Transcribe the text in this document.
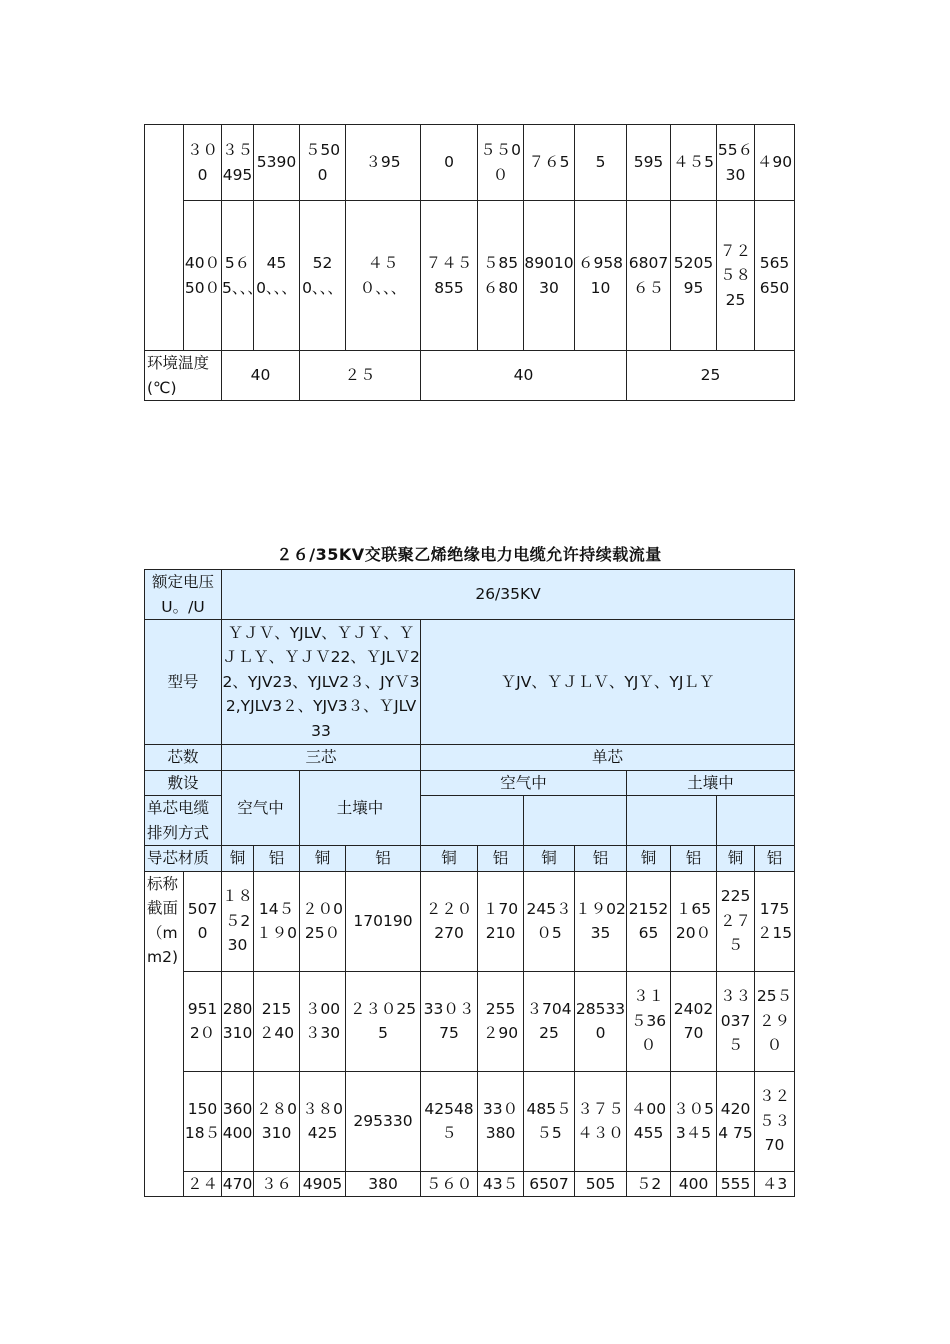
	３０0	３５495	5390	５500	３95	0	５５0０	７６5	5	595	４５5	55６30	４90
	40０50０	5６5、、、	450、、、	520、、、	４５０、、、	７４５855	５85６80	8901030	６95810	6807６５	520595	７２５８25	565650
环境温度(℃)		40		２５		40				25			
２６/35KV交联聚乙烯绝缘电力电缆允许持续载流量
额定电压U。/U		26/35KV											
型号		ＹＪＶ、YJLV、ＹＪＹ、ＹＪＬＹ、ＹＪＶ22、ＹJLＶ22、YJV23、YJLV2３、JYＶ32,YJLV3２、YJV3３、ＹJLV33				ＹJV、ＹＪＬＶ、YJＹ、YJＬＹ							
芯数		三芯				单芯							
敷设		空气中		土壤中		空气中				土壤中			
单芯电缆排列方式													
导芯材质		铜	铝	铜	铝	铜	铝	铜	铝	铜	铝	铜	铝
标称截面（mm2)	5070	１８５230	14５１９0	２０025０	170190	２２０270	１70210	245３０5	１９0235	215265	１6520０	225２７５	175２15
	9512０	280310	215２40	３00３30	２３０255	33０３75	255２90	３70425	285330	３１５36０	240270	３３037５	25５２９０
	15018５	360400	２８0310	３８0425	295330	42548５	33０380	485５５5	３７５４３０	４00455	３０53４5	4204 75	３２５３70
	２４	470	３６	4905	380	５６０	43５	6507	505	５2	400	555	４3
